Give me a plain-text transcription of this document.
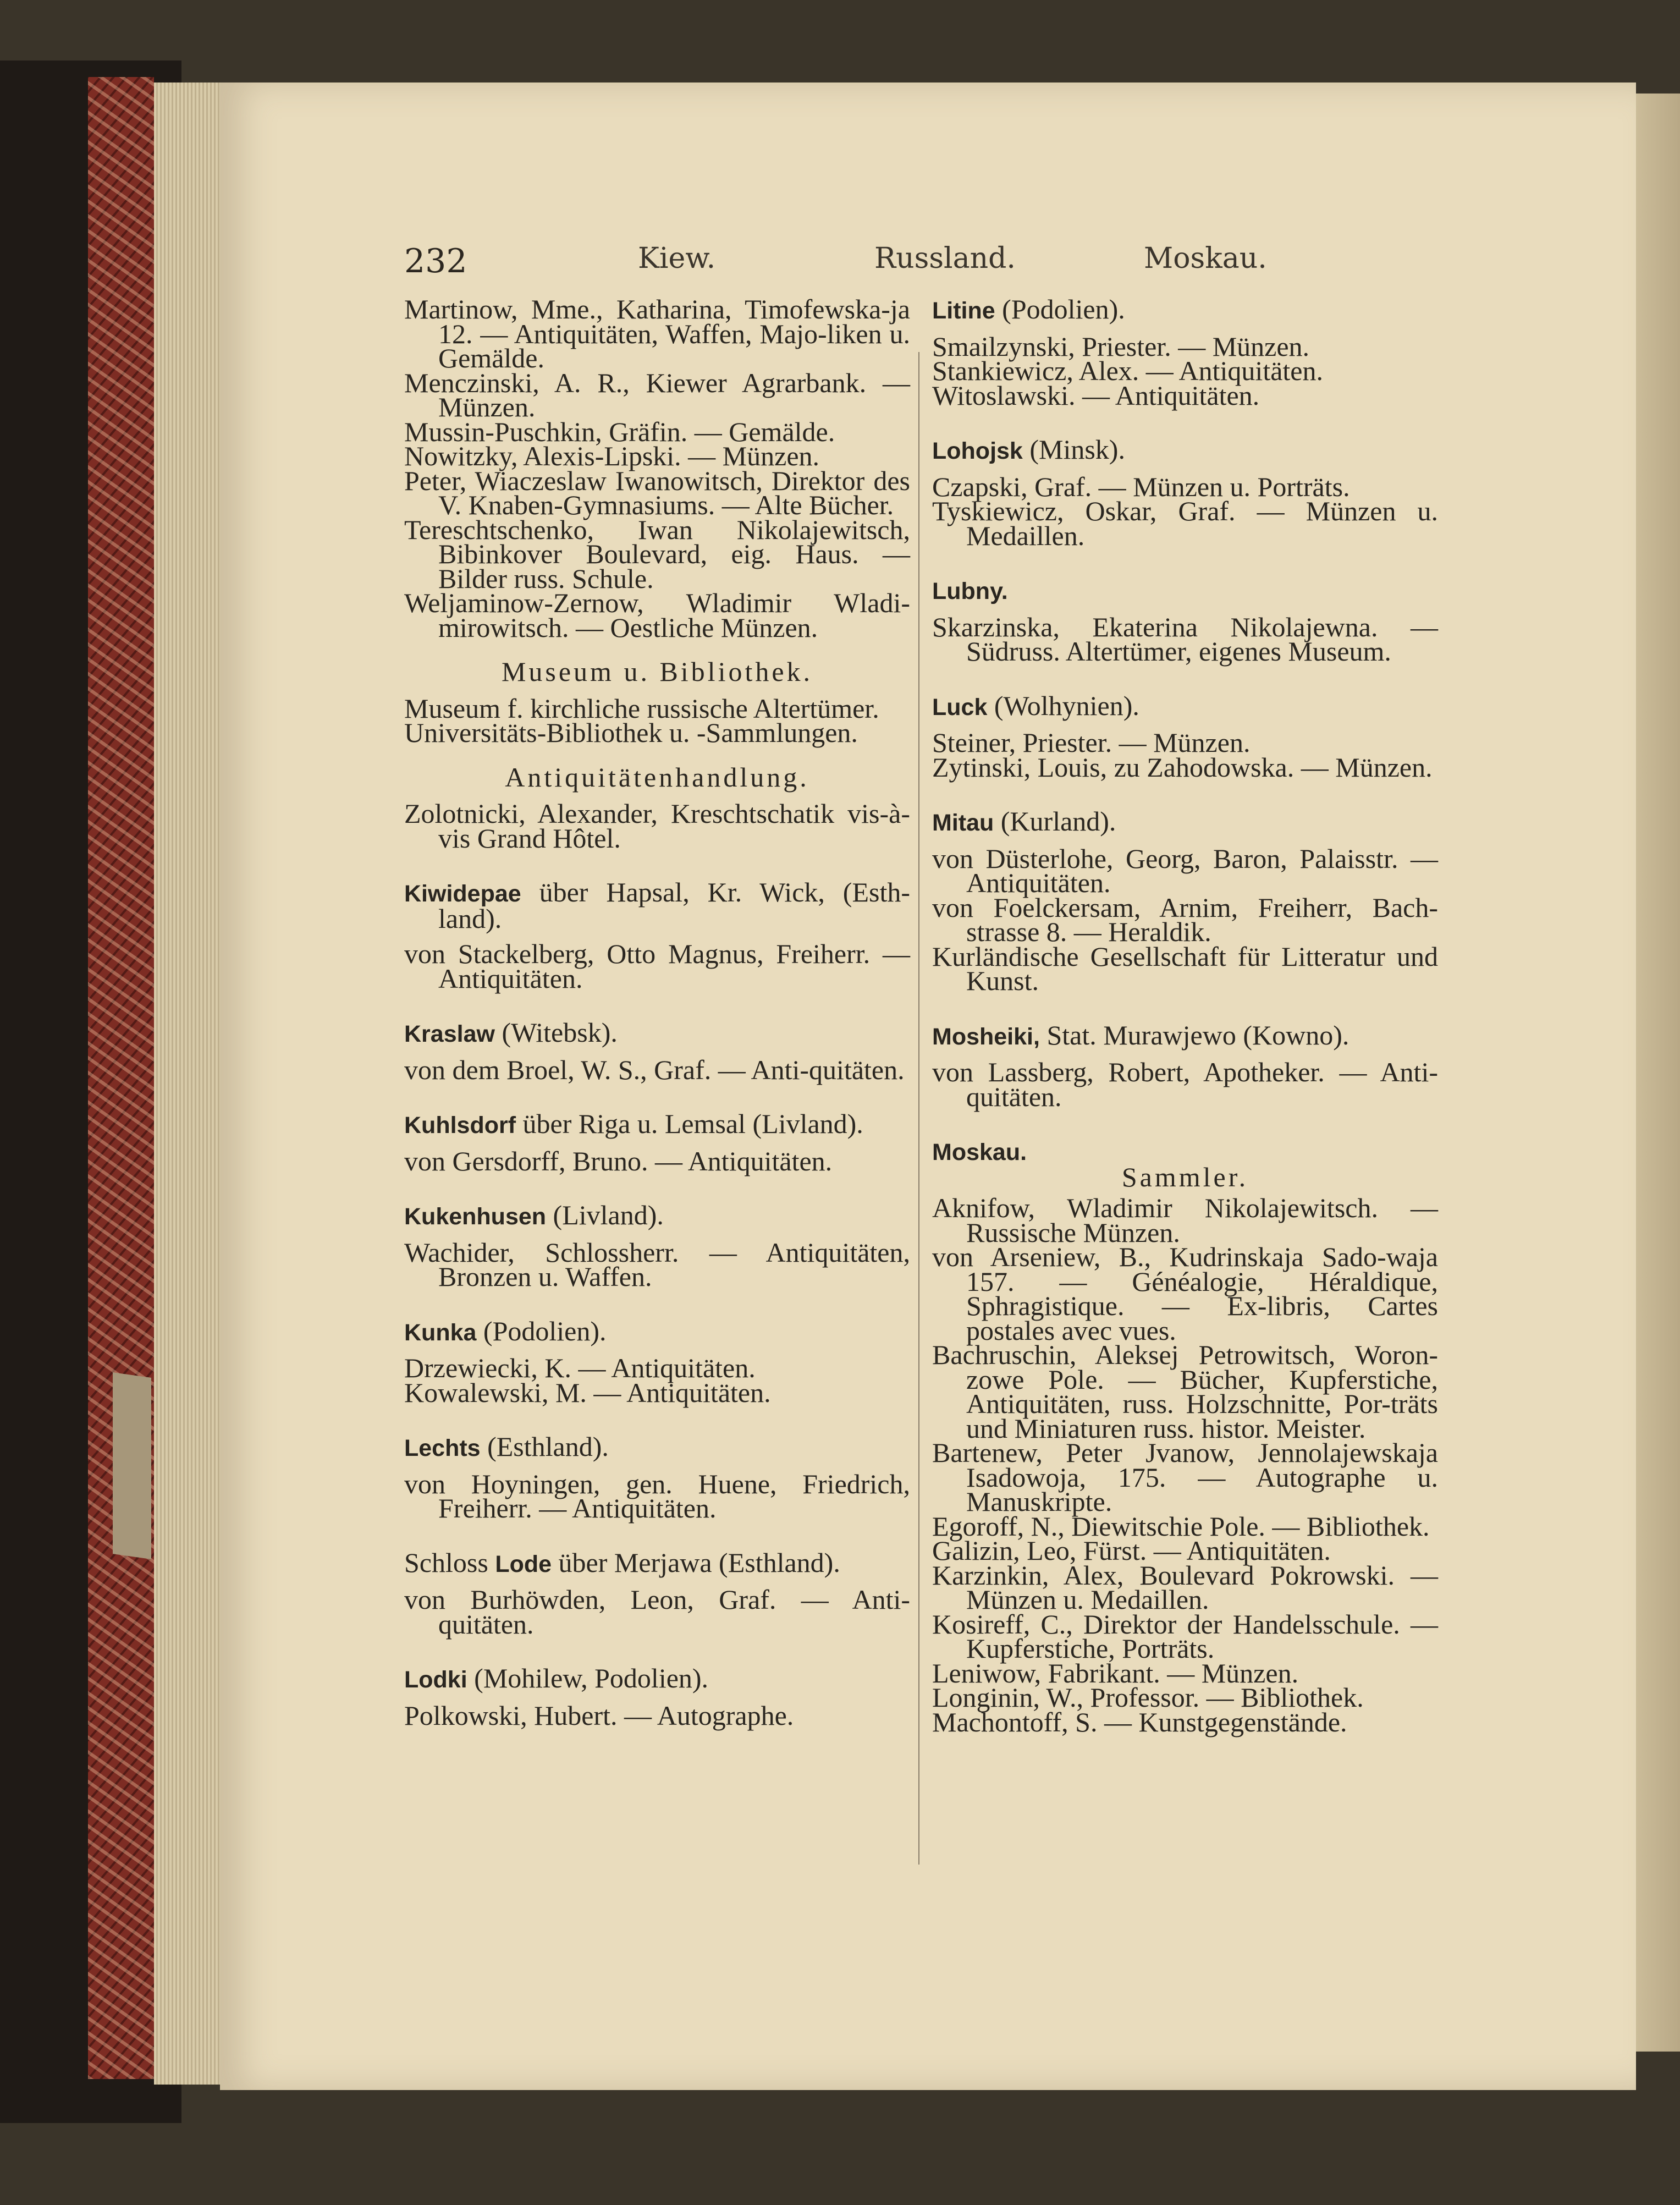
232	Kiew.	Russland.	Moskau.

Martinow, Mme., Katharina, Timofewska-ja 12. — Antiquitäten, Waffen, Majo-liken u. Gemälde.

Menczinski, A. R., Kiewer Agrarbank. — Münzen.

Mussin-Puschkin, Gräfin. — Gemälde.

Nowitzky, Alexis-Lipski. — Münzen.

Peter, Wiaczeslaw Iwanowitsch, Direktor des V. Knaben-Gymnasiums. — Alte Bücher.

Tereschtschenko, Iwan Nikolajewitsch, Bibinkover Boulevard, eig. Haus. — Bilder russ. Schule.

Weljaminow-Zernow, Wladimir Wladi-mirowitsch. — Oestliche Münzen.

Museum u. Bibliothek.

Museum f. kirchliche russische Altertümer.

Universitäts-Bibliothek u. -Sammlungen.

Antiquitätenhandlung.

Zolotnicki, Alexander, Kreschtschatik vis-à-vis Grand Hôtel.

Kiwidepae über Hapsal, Kr. Wick, (Esth-land).

von Stackelberg, Otto Magnus, Freiherr. — Antiquitäten.

Kraslaw (Witebsk).

von dem Broel, W. S., Graf. — Anti-quitäten.

Kuhlsdorf über Riga u. Lemsal (Livland).

von Gersdorff, Bruno. — Antiquitäten.

Kukenhusen (Livland).

Wachider, Schlossherr. — Antiquitäten, Bronzen u. Waffen.

Kunka (Podolien).

Drzewiecki, K. — Antiquitäten.

Kowalewski, M. — Antiquitäten.

Lechts (Esthland).

von Hoyningen, gen. Huene, Friedrich, Freiherr. — Antiquitäten.

Schloss Lode über Merjawa (Esthland).

von Burhöwden, Leon, Graf. — Anti-quitäten.

Lodki (Mohilew, Podolien).

Polkowski, Hubert. — Autographe.

Litine (Podolien).

Smailzynski, Priester. — Münzen.

Stankiewicz, Alex. — Antiquitäten.

Witoslawski. — Antiquitäten.

Lohojsk (Minsk).

Czapski, Graf. — Münzen u. Porträts.

Tyskiewicz, Oskar, Graf. — Münzen u. Medaillen.

Lubny.

Skarzinska, Ekaterina Nikolajewna. — Südruss. Altertümer, eigenes Museum.

Luck (Wolhynien).

Steiner, Priester. — Münzen.

Zytinski, Louis, zu Zahodowska. — Münzen.

Mitau (Kurland).

von Düsterlohe, Georg, Baron, Palaisstr. — Antiquitäten.

von Foelckersam, Arnim, Freiherr, Bach-strasse 8. — Heraldik.

Kurländische Gesellschaft für Litteratur und Kunst.

Mosheiki, Stat. Murawjewo (Kowno).

von Lassberg, Robert, Apotheker. — Anti-quitäten.

Moskau.

Sammler.

Aknifow, Wladimir Nikolajewitsch. — Russische Münzen.

von Arseniew, B., Kudrinskaja Sado-waja 157. — Généalogie, Héraldique, Sphragistique. — Ex-libris, Cartes postales avec vues.

Bachruschin, Aleksej Petrowitsch, Woron-zowe Pole. — Bücher, Kupferstiche, Antiquitäten, russ. Holzschnitte, Por-träts und Miniaturen russ. histor. Meister.

Bartenew, Peter Jvanow, Jennolajewskaja Isadowoja, 175. — Autographe u. Manuskripte.

Egoroff, N., Diewitschie Pole. — Bibliothek.

Galizin, Leo, Fürst. — Antiquitäten.

Karzinkin, Alex, Boulevard Pokrowski. — Münzen u. Medaillen.

Kosireff, C., Direktor der Handelsschule. — Kupferstiche, Porträts.

Leniwow, Fabrikant. — Münzen.

Longinin, W., Professor. — Bibliothek.

Machontoff, S. — Kunstgegenstände.
